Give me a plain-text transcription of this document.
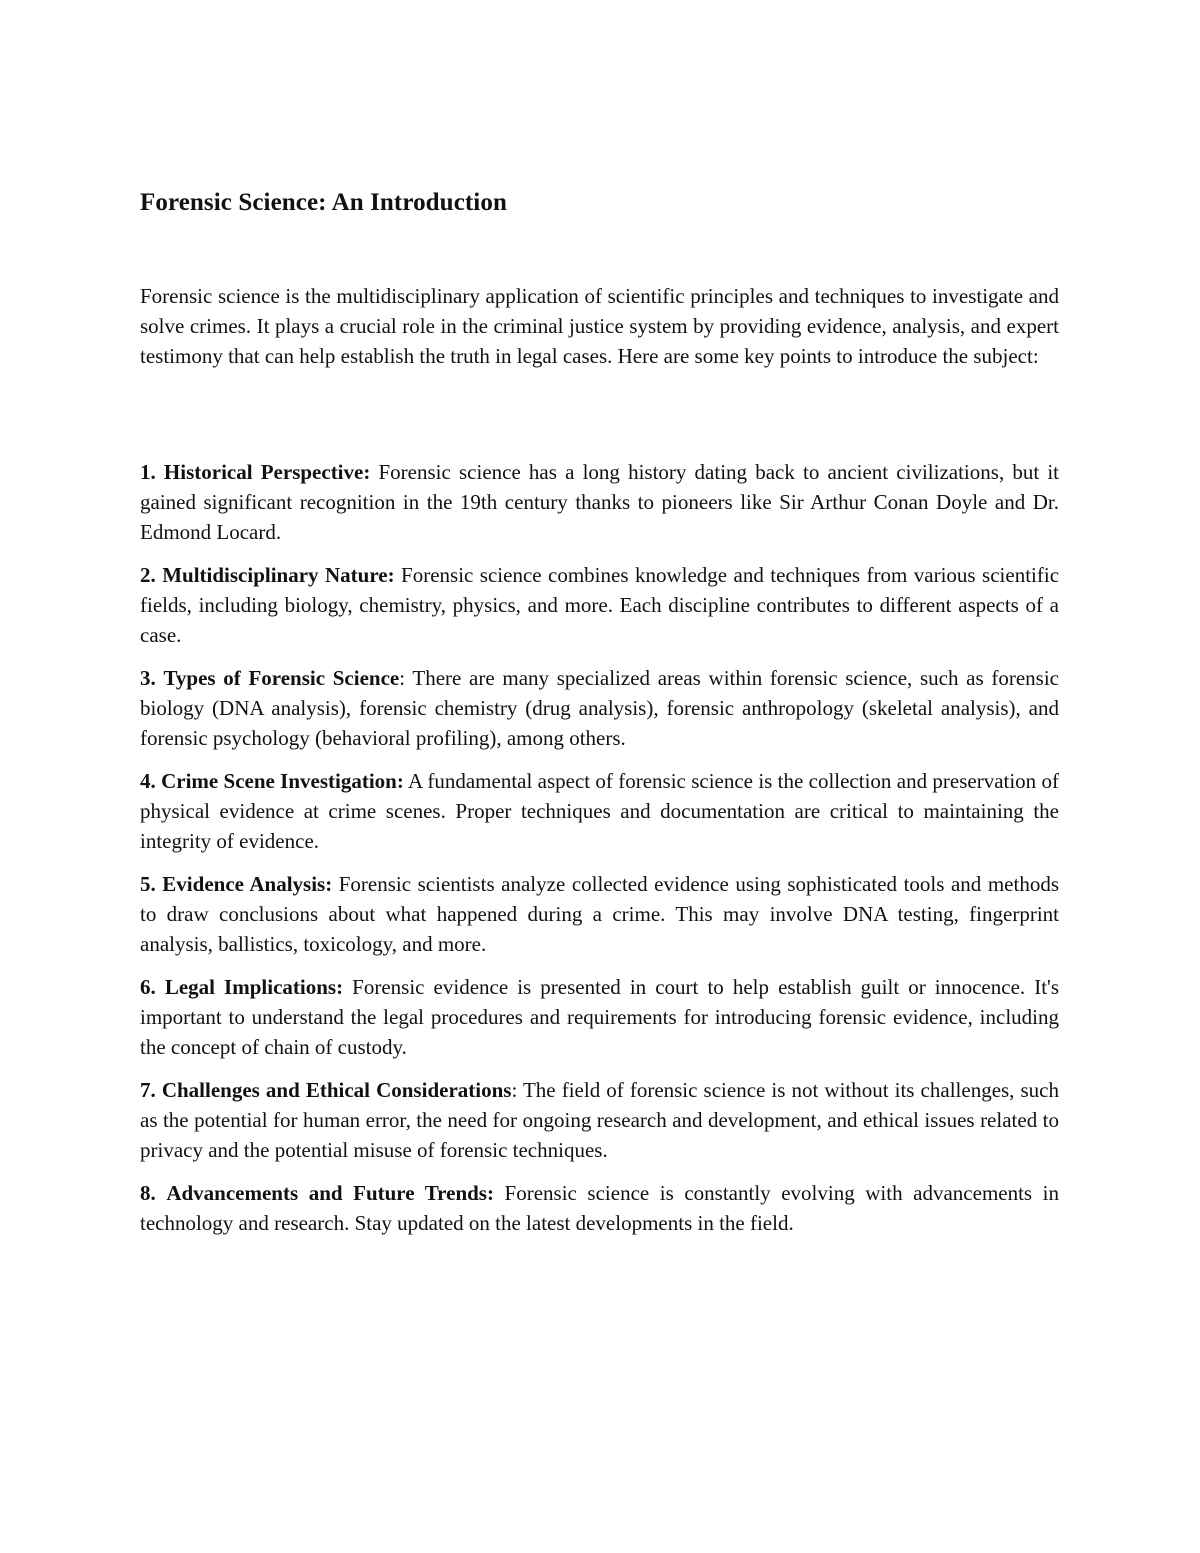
Forensic Science: An Introduction

Forensic science is the multidisciplinary application of scientific principles and techniques to investigate and solve crimes. It plays a crucial role in the criminal justice system by providing evidence, analysis, and expert testimony that can help establish the truth in legal cases. Here are some key points to introduce the subject:

1. Historical Perspective: Forensic science has a long history dating back to ancient civilizations, but it gained significant recognition in the 19th century thanks to pioneers like Sir Arthur Conan Doyle and Dr. Edmond Locard.
2. Multidisciplinary Nature: Forensic science combines knowledge and techniques from various scientific fields, including biology, chemistry, physics, and more. Each discipline contributes to different aspects of a case.
3. Types of Forensic Science: There are many specialized areas within forensic science, such as forensic biology (DNA analysis), forensic chemistry (drug analysis), forensic anthropology (skeletal analysis), and forensic psychology (behavioral profiling), among others.
4. Crime Scene Investigation: A fundamental aspect of forensic science is the collection and preservation of physical evidence at crime scenes. Proper techniques and documentation are critical to maintaining the integrity of evidence.
5. Evidence Analysis: Forensic scientists analyze collected evidence using sophisticated tools and methods to draw conclusions about what happened during a crime. This may involve DNA testing, fingerprint analysis, ballistics, toxicology, and more.
6. Legal Implications: Forensic evidence is presented in court to help establish guilt or innocence. It's important to understand the legal procedures and requirements for introducing forensic evidence, including the concept of chain of custody.
7. Challenges and Ethical Considerations: The field of forensic science is not without its challenges, such as the potential for human error, the need for ongoing research and development, and ethical issues related to privacy and the potential misuse of forensic techniques.
8. Advancements and Future Trends: Forensic science is constantly evolving with advancements in technology and research. Stay updated on the latest developments in the field.
